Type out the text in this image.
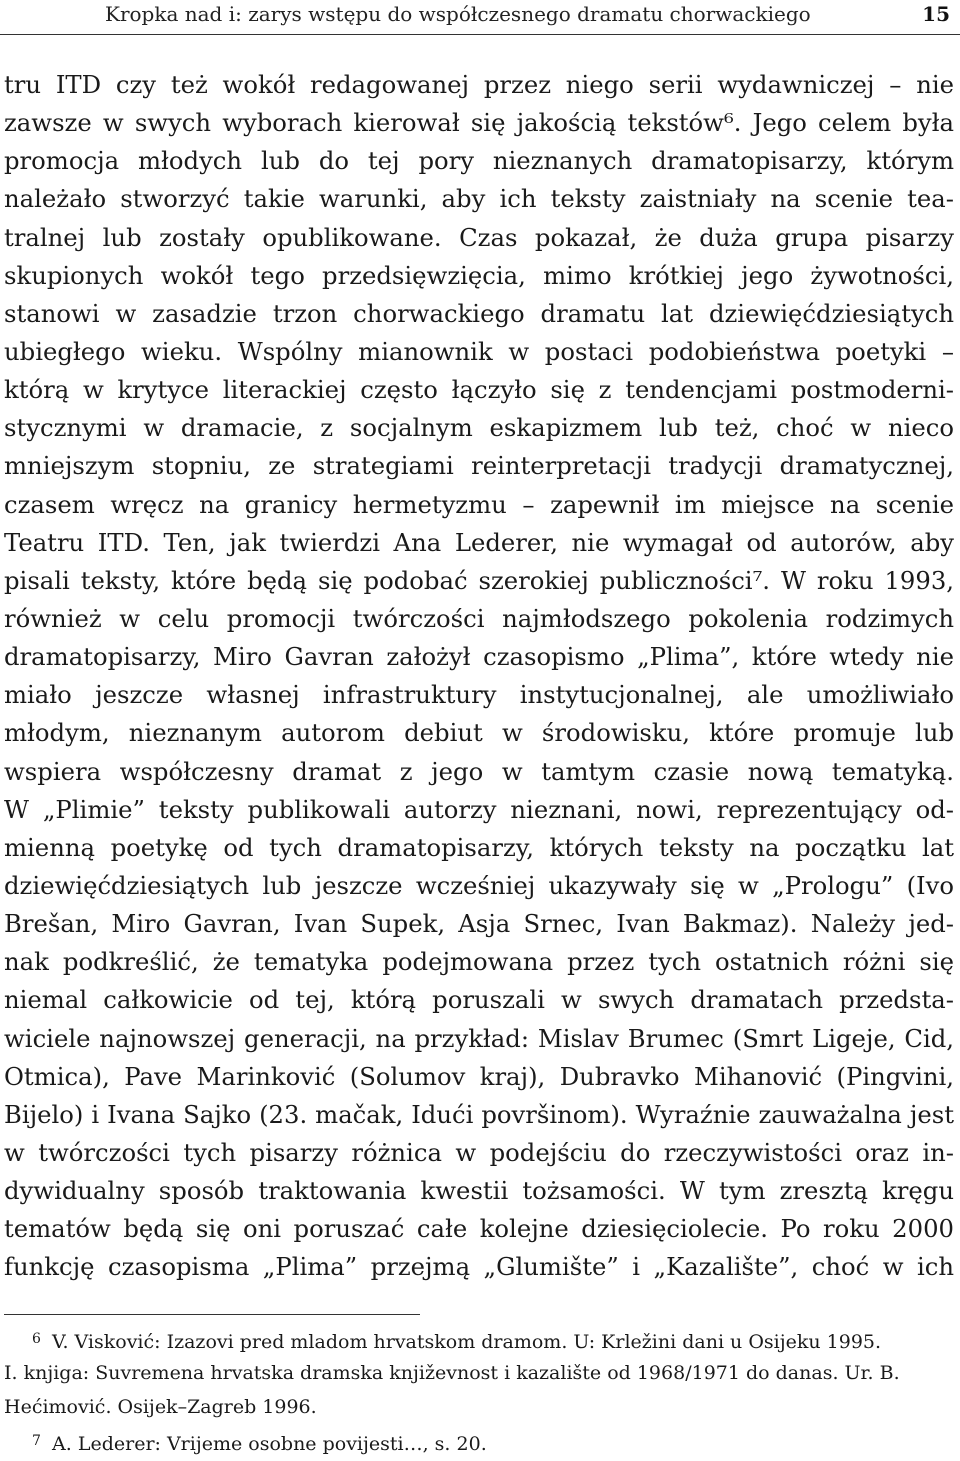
Kropka nad i: zarys wstępu do współczesnego dramatu chorwackiego	15
tru ITD czy też wokół redagowanej przez niego serii wydawniczej – nie
zawsze w swych wyborach kierował się jakością tekstów⁶. Jego celem była
promocja młodych lub do tej pory nieznanych dramatopisarzy, którym
należało stworzyć takie warunki, aby ich teksty zaistniały na scenie tea-
tralnej lub zostały opublikowane. Czas pokazał, że duża grupa pisarzy
skupionych wokół tego przedsięwzięcia, mimo krótkiej jego żywotności,
stanowi w zasadzie trzon chorwackiego dramatu lat dziewięćdziesiątych
ubiegłego wieku. Wspólny mianownik w postaci podobieństwa poetyki –
którą w krytyce literackiej często łączyło się z tendencjami postmoderni-
stycznymi w dramacie, z socjalnym eskapizmem lub też, choć w nieco
mniejszym stopniu, ze strategiami reinterpretacji tradycji dramatycznej,
czasem wręcz na granicy hermetyzmu – zapewnił im miejsce na scenie
Teatru ITD. Ten, jak twierdzi Ana Lederer, nie wymagał od autorów, aby
pisali teksty, które będą się podobać szerokiej publiczności⁷. W roku 1993,
również w celu promocji twórczości najmłodszego pokolenia rodzimych
dramatopisarzy, Miro Gavran założył czasopismo „Plima”, które wtedy nie
miało jeszcze własnej infrastruktury instytucjonalnej, ale umożliwiało
młodym, nieznanym autorom debiut w środowisku, które promuje lub
wspiera współczesny dramat z jego w tamtym czasie nową tematyką.
W „Plimie” teksty publikowali autorzy nieznani, nowi, reprezentujący od-
mienną poetykę od tych dramatopisarzy, których teksty na początku lat
dziewięćdziesiątych lub jeszcze wcześniej ukazywały się w „Prologu” (Ivo
Brešan, Miro Gavran, Ivan Supek, Asja Srnec, Ivan Bakmaz). Należy jed-
nak podkreślić, że tematyka podejmowana przez tych ostatnich różni się
niemal całkowicie od tej, którą poruszali w swych dramatach przedsta-
wiciele najnowszej generacji, na przykład: Mislav Brumec (Smrt Ligeje, Cid,
Otmica), Pave Marinković (Solumov kraj), Dubravko Mihanović (Pingvini,
Bijelo) i Ivana Sajko (23. mačak, Idući površinom). Wyraźnie zauważalna jest
w twórczości tych pisarzy różnica w podejściu do rzeczywistości oraz in-
dywidualny sposób traktowania kwestii tożsamości. W tym zresztą kręgu
tematów będą się oni poruszać całe kolejne dziesięciolecie. Po roku 2000
funkcję czasopisma „Plima” przejmą „Glumište” i „Kazalište”, choć w ich
6 V. Visković: Izazovi pred mladom hrvatskom dramom. U: Krležini dani u Osijeku 1995.
I. knjiga: Suvremena hrvatska dramska književnost i kazalište od 1968/1971 do danas. Ur. B.
Hećimović. Osijek–Zagreb 1996.
7 A. Lederer: Vrijeme osobne povijesti…, s. 20.
